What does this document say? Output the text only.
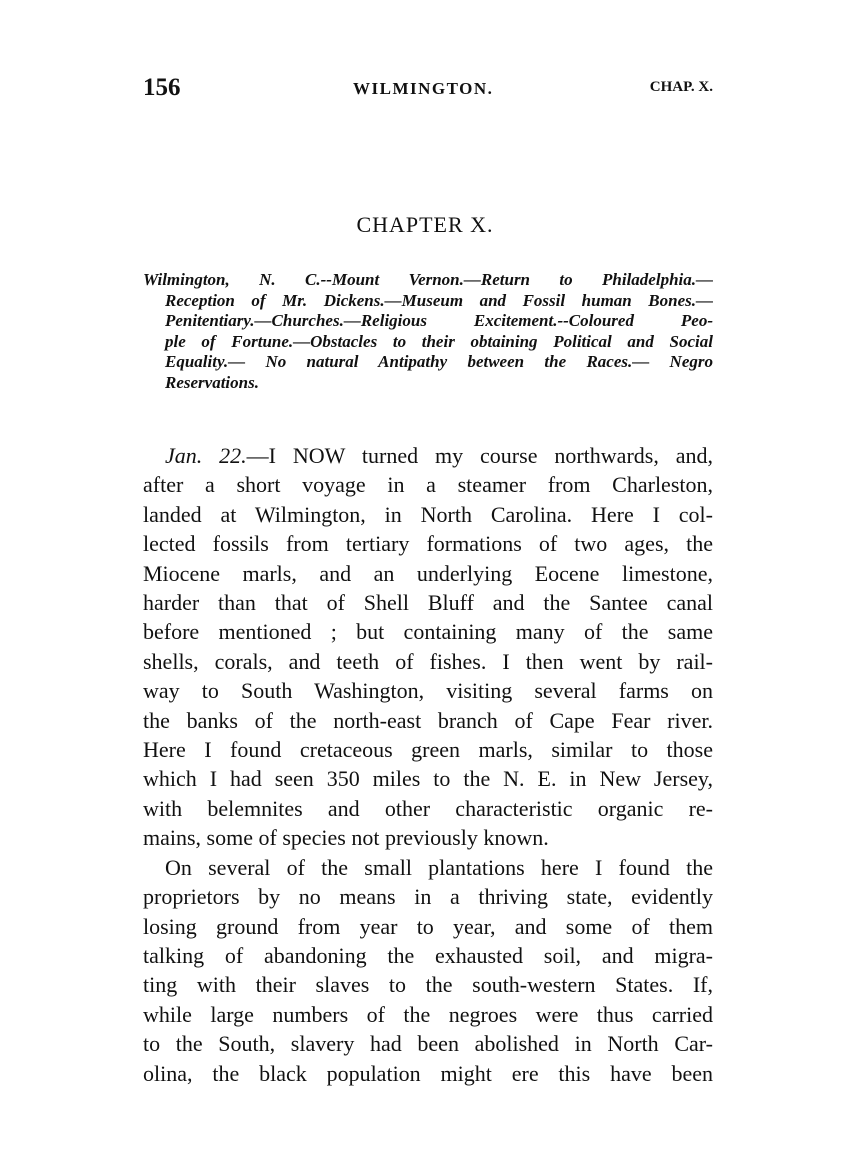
156	WILMINGTON.	CHAP. X.
CHAPTER X.
Wilmington, N. C.--Mount Vernon.—Return to Philadelphia.—
Reception of Mr. Dickens.—Museum and Fossil human Bones.—
Penitentiary.—Churches.—Religious Excitement.--Coloured Peo-
ple of Fortune.—Obstacles to their obtaining Political and Social
Equality.— No natural Antipathy between the Races.— Negro
Reservations.
Jan. 22.—I NOW turned my course northwards, and,
after a short voyage in a steamer from Charleston,
landed at Wilmington, in North Carolina. Here I col-
lected fossils from tertiary formations of two ages, the
Miocene marls, and an underlying Eocene limestone,
harder than that of Shell Bluff and the Santee canal
before mentioned ; but containing many of the same
shells, corals, and teeth of fishes. I then went by rail-
way to South Washington, visiting several farms on
the banks of the north-east branch of Cape Fear river.
Here I found cretaceous green marls, similar to those
which I had seen 350 miles to the N. E. in New Jersey,
with belemnites and other characteristic organic re-
mains, some of species not previously known.
On several of the small plantations here I found the
proprietors by no means in a thriving state, evidently
losing ground from year to year, and some of them
talking of abandoning the exhausted soil, and migra-
ting with their slaves to the south-western States. If,
while large numbers of the negroes were thus carried
to the South, slavery had been abolished in North Car-
olina, the black population might ere this have been
